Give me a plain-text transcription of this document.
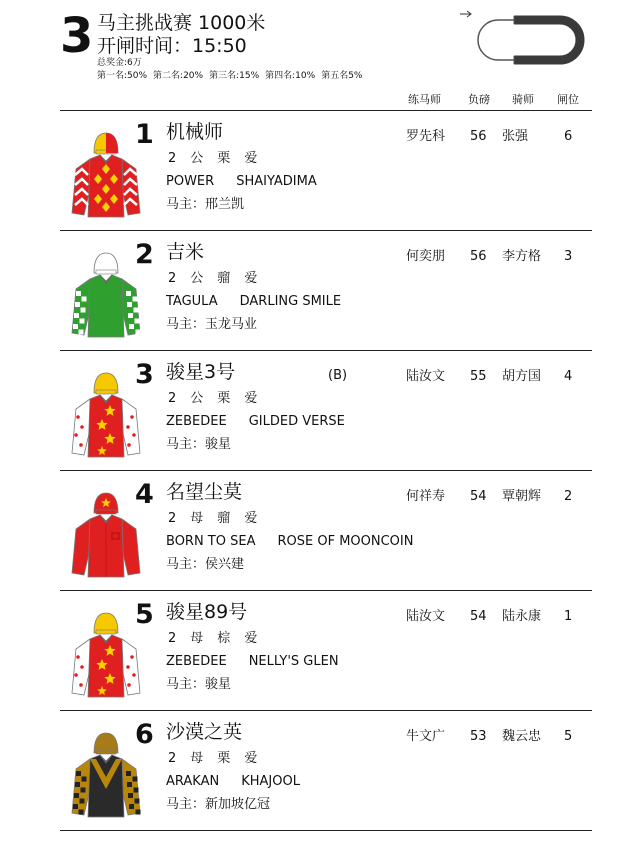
3 马主挑战赛 1000米
开闸时间：15:50
总奖金:6万
第一名:50% 第二名:20% 第三名:15% 第四名:10% 第五名5%
练马师 负磅 骑师 闸位
1 机械师
2 公 栗 爱
POWER SHAIYADIMA
马主：邢兰凯
罗先科 56 张强	6
2 吉米
2 公 骝 爱
TAGULA DARLING SMILE
马主：玉龙马业
何奕朋 56 李方格 3
3 骏星3号	(B)
2 公 栗 爱
ZEBEDEE GILDED VERSE
马主：骏星
陆汝文 55 胡方国 4
4 名望尘莫
2 母 骝 爱
BORN TO SEA ROSE OF MOONCOIN
马主：侯兴建
何祥寿 54 覃朝辉 2
5 骏星89号
2 母 棕 爱
ZEBEDEE NELLY'S GLEN
马主：骏星
陆汝文 54 陆永康 1
6 沙漠之英
2 母 栗 爱
ARAKAN KHAJOOL
马主：新加坡亿冠
牛文广 53 魏云忠 5
